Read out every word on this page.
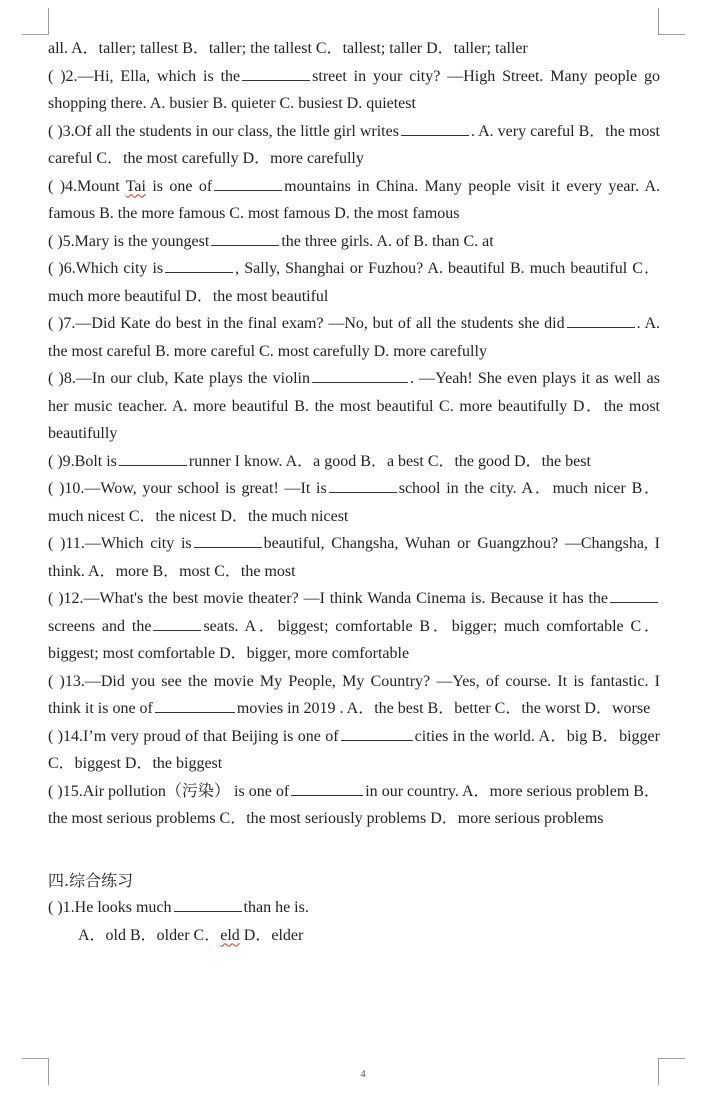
all. A．taller; tallest B．taller; the tallest C．tallest; taller D．taller; taller

( )2.—Hi, Ella, which is the	street in your city? —High Street. Many people go shopping there. A. busier B. quieter C. busiest D. quietest

( )3.Of all the students in our class, the little girl writes	. A. very careful B．the most careful C．the most carefully D．more carefully

( )4.Mount Tai is one of	mountains in China. Many people visit it every year. A. famous B. the more famous C. most famous D. the most famous

( )5.Mary is the youngest	the three girls. A. of B. than C. at

( )6.Which city is	, Sally, Shanghai or Fuzhou? A. beautiful B. much beautiful C．much more beautiful D．the most beautiful

( )7.—Did Kate do best in the final exam? —No, but of all the students she did	. A. the most careful B. more careful C. most carefully D. more carefully

( )8.—In our club, Kate plays the violin	. —Yeah! She even plays it as well as her music teacher. A. more beautiful B. the most beautiful C. more beautifully D．the most beautifully

( )9.Bolt is	runner I know. A．a good B．a best C．the good D．the best

( )10.—Wow, your school is great! —It is	school in the city. A．much nicer B．much nicest C．the nicest D．the much nicest

( )11.—Which city is	beautiful, Changsha, Wuhan or Guangzhou? —Changsha, I think. A．more B．most C．the most

( )12.—What's the best movie theater? —I think Wanda Cinema is. Because it has thescreens and the	seats. A．biggest; comfortable B．bigger; much comfortable C．biggest; most comfortable D．bigger, more comfortable

( )13.—Did you see the movie My People, My Country? —Yes, of course. It is fantastic. I think it is one of	movies in 2019 . A．the best B．better C．the worst D．worse

( )14.I’m very proud of that Beijing is one of	cities in the world. A．big B．bigger C．biggest D．the biggest

( )15.Air pollution（污染） is one of	in our country. A．more serious problem B．the most serious problems C．the most seriously problems D．more serious problems

四.综合练习

( )1.He looks much	than he is.

A．old B．older C．eld D．elder

4
